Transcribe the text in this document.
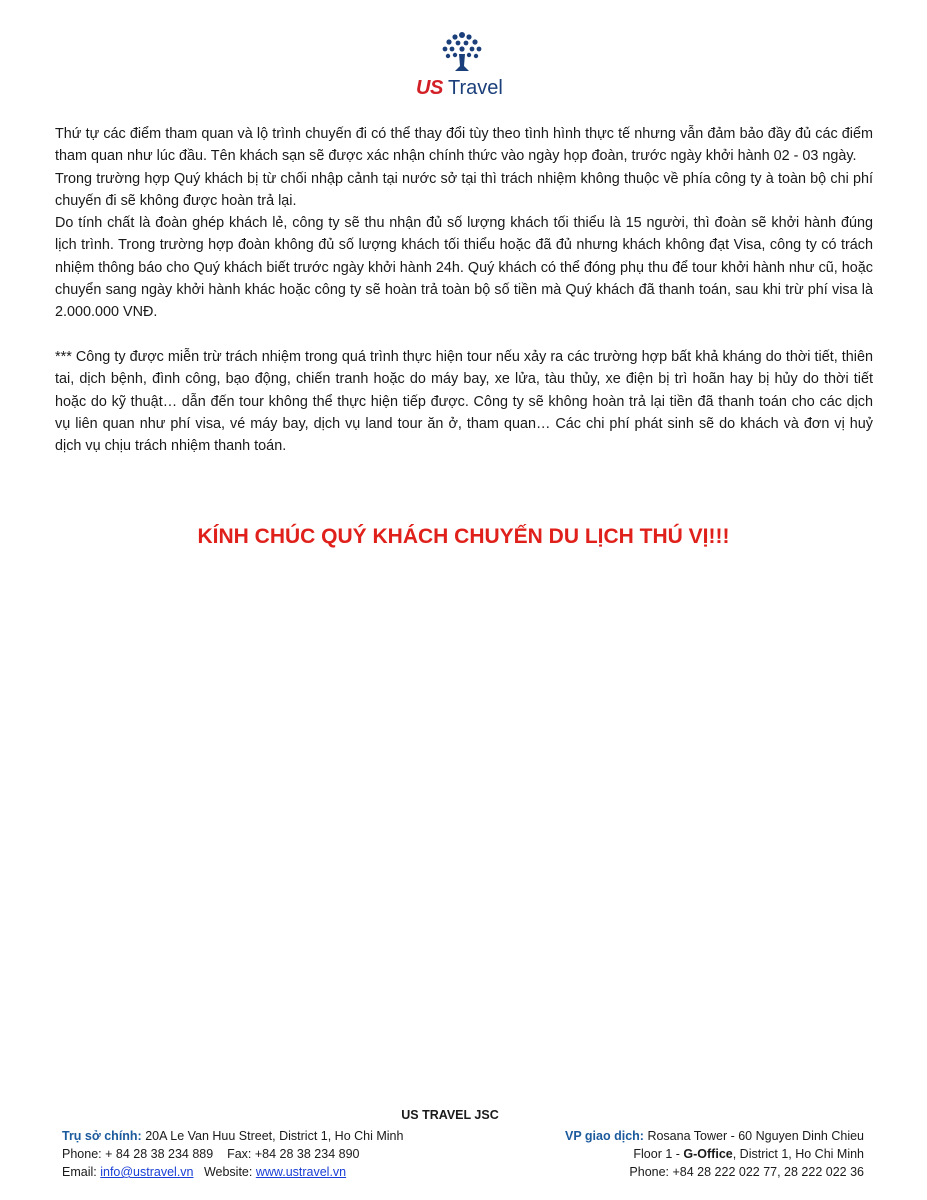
US Travel

Thứ tự các điểm tham quan và lộ trình chuyến đi có thể thay đổi tùy theo tình hình thực tế nhưng vẫn đảm bảo đầy đủ các điểm tham quan như lúc đầu. Tên khách sạn sẽ được xác nhận chính thức vào ngày họp đoàn, trước ngày khởi hành 02 - 03 ngày.

Trong trường hợp Quý khách bị từ chối nhập cảnh tại nước sở tại thì trách nhiệm không thuộc về phía công ty à toàn bộ chi phí chuyến đi sẽ không được hoàn trả lại.

Do tính chất là đoàn ghép khách lẻ, công ty sẽ thu nhận đủ số lượng khách tối thiểu là 15 người, thì đoàn sẽ khởi hành đúng lịch trình. Trong trường hợp đoàn không đủ số lượng khách tối thiểu hoặc đã đủ nhưng khách không đạt Visa, công ty có trách nhiệm thông báo cho Quý khách biết trước ngày khởi hành 24h. Quý khách có thể đóng phụ thu để tour khởi hành như cũ, hoặc chuyển sang ngày khởi hành khác hoặc công ty sẽ hoàn trả toàn bộ số tiền mà Quý khách đã thanh toán, sau khi trừ phí visa là 2.000.000 VNĐ.

*** Công ty được miễn trừ trách nhiệm trong quá trình thực hiện tour nếu xảy ra các trường hợp bất khả kháng do thời tiết, thiên tai, dịch bệnh, đình công, bạo động, chiến tranh hoặc do máy bay, xe lửa, tàu thủy, xe điện bị trì hoãn hay bị hủy do thời tiết hoặc do kỹ thuật… dẫn đến tour không thể thực hiện tiếp được. Công ty sẽ không hoàn trả lại tiền đã thanh toán cho các dịch vụ liên quan như phí visa, vé máy bay, dịch vụ land tour ăn ở, tham quan… Các chi phí phát sinh sẽ do khách và đơn vị huỷ dịch vụ chịu trách nhiệm thanh toán.

KÍNH CHÚC QUÝ KHÁCH CHUYẾN DU LỊCH THÚ VỊ!!!
US TRAVEL JSC
Trụ sở chính: 20A Le Van Huu Street, District 1, Ho Chi Minh
Phone: + 84 28 38 234 889 Fax: +84 28 38 234 890
Email: info@ustravel.vn Website: www.ustravel.vn
VP giao dịch: Rosana Tower - 60 Nguyen Dinh Chieu
Floor 1 - G-Office, District 1, Ho Chi Minh
Phone: +84 28 222 022 77, 28 222 022 36
